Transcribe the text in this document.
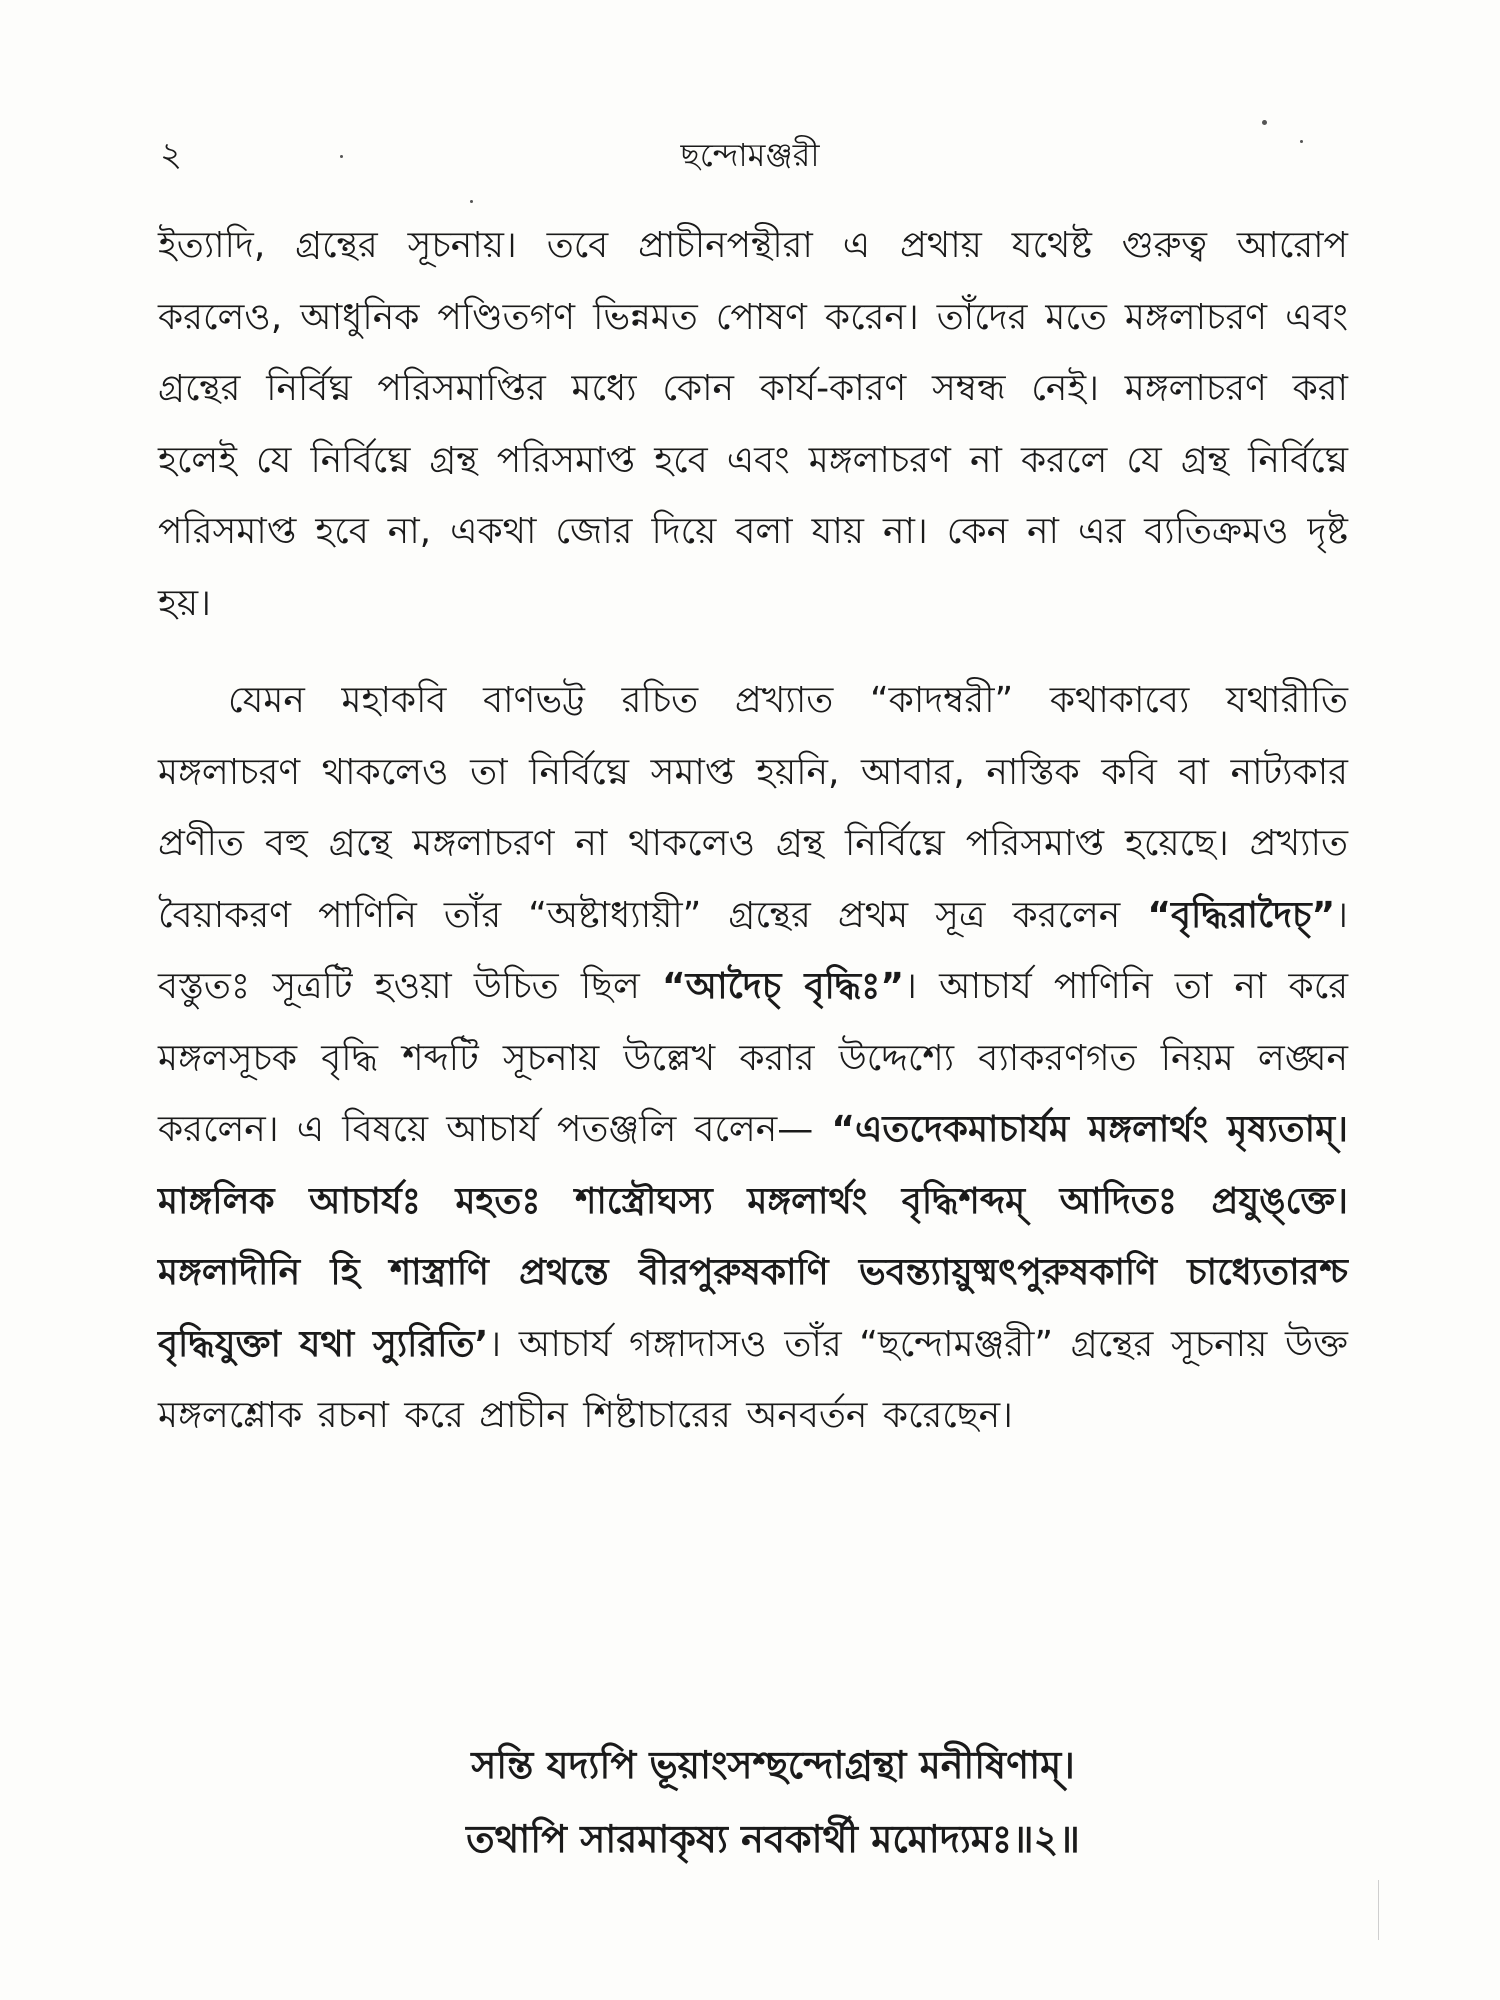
২	ছন্দোমঞ্জরী

ইত্যাদি, গ্রন্থের সূচনায়। তবে প্রাচীনপন্থীরা এ প্রথায় যথেষ্ট গুরুত্ব আরোপ করলেও, আধুনিক পণ্ডিতগণ ভিন্নমত পোষণ করেন। তাঁদের মতে মঙ্গলাচরণ এবং গ্রন্থের নির্বিঘ্ন পরিসমাপ্তির মধ্যে কোন কার্য-কারণ সম্বন্ধ নেই। মঙ্গলাচরণ করা হলেই যে নির্বিঘ্নে গ্রন্থ পরিসমাপ্ত হবে এবং মঙ্গলাচরণ না করলে যে গ্রন্থ নির্বিঘ্নে পরিসমাপ্ত হবে না, একথা জোর দিয়ে বলা যায় না। কেন না এর ব্যতিক্রমও দৃষ্ট হয়।

যেমন মহাকবি বাণভট্ট রচিত প্রখ্যাত “কাদম্বরী” কথাকাব্যে যথারীতি মঙ্গলাচরণ থাকলেও তা নির্বিঘ্নে সমাপ্ত হয়নি, আবার, নাস্তিক কবি বা নাট্যকার প্রণীত বহু গ্রন্থে মঙ্গলাচরণ না থাকলেও গ্রন্থ নির্বিঘ্নে পরিসমাপ্ত হয়েছে। প্রখ্যাত বৈয়াকরণ পাণিনি তাঁর “অষ্টাধ্যায়ী” গ্রন্থের প্রথম সূত্র করলেন “বৃদ্ধিরাদৈচ্”। বস্তুতঃ সূত্রটি হওয়া উচিত ছিল “আদৈচ্ বৃদ্ধিঃ”। আচার্য পাণিনি তা না করে মঙ্গলসূচক বৃদ্ধি শব্দটি সূচনায় উল্লেখ করার উদ্দেশ্যে ব্যাকরণগত নিয়ম লঙ্ঘন করলেন। এ বিষয়ে আচার্য পতঞ্জলি বলেন— “এতদেকমাচার্যম মঙ্গলার্থং মৃষ্যতাম্। মাঙ্গলিক আচার্যঃ মহতঃ শাস্ত্রৌঘস্য মঙ্গলার্থং বৃদ্ধিশব্দম্ আদিতঃ প্রযুঙ্‌ক্তে। মঙ্গলাদীনি হি শাস্ত্রাণি প্রথন্তে বীরপুরুষকাণি ভবন্ত্যায়ুষ্মৎপুরুষকাণি চাধ্যেতারশ্চ বৃদ্ধিযুক্তা যথা স্যুরিতি’। আচার্য গঙ্গাদাসও তাঁর “ছন্দোমঞ্জরী” গ্রন্থের সূচনায় উক্ত মঙ্গলশ্লোক রচনা করে প্রাচীন শিষ্টাচারের অনবর্তন করেছেন।

সন্তি যদ্যপি ভূয়াংসশ্ছন্দোগ্রন্থা মনীষিণাম্।
তথাপি সারমাকৃষ্য নবকার্থী মমোদ্যমঃ॥২॥
